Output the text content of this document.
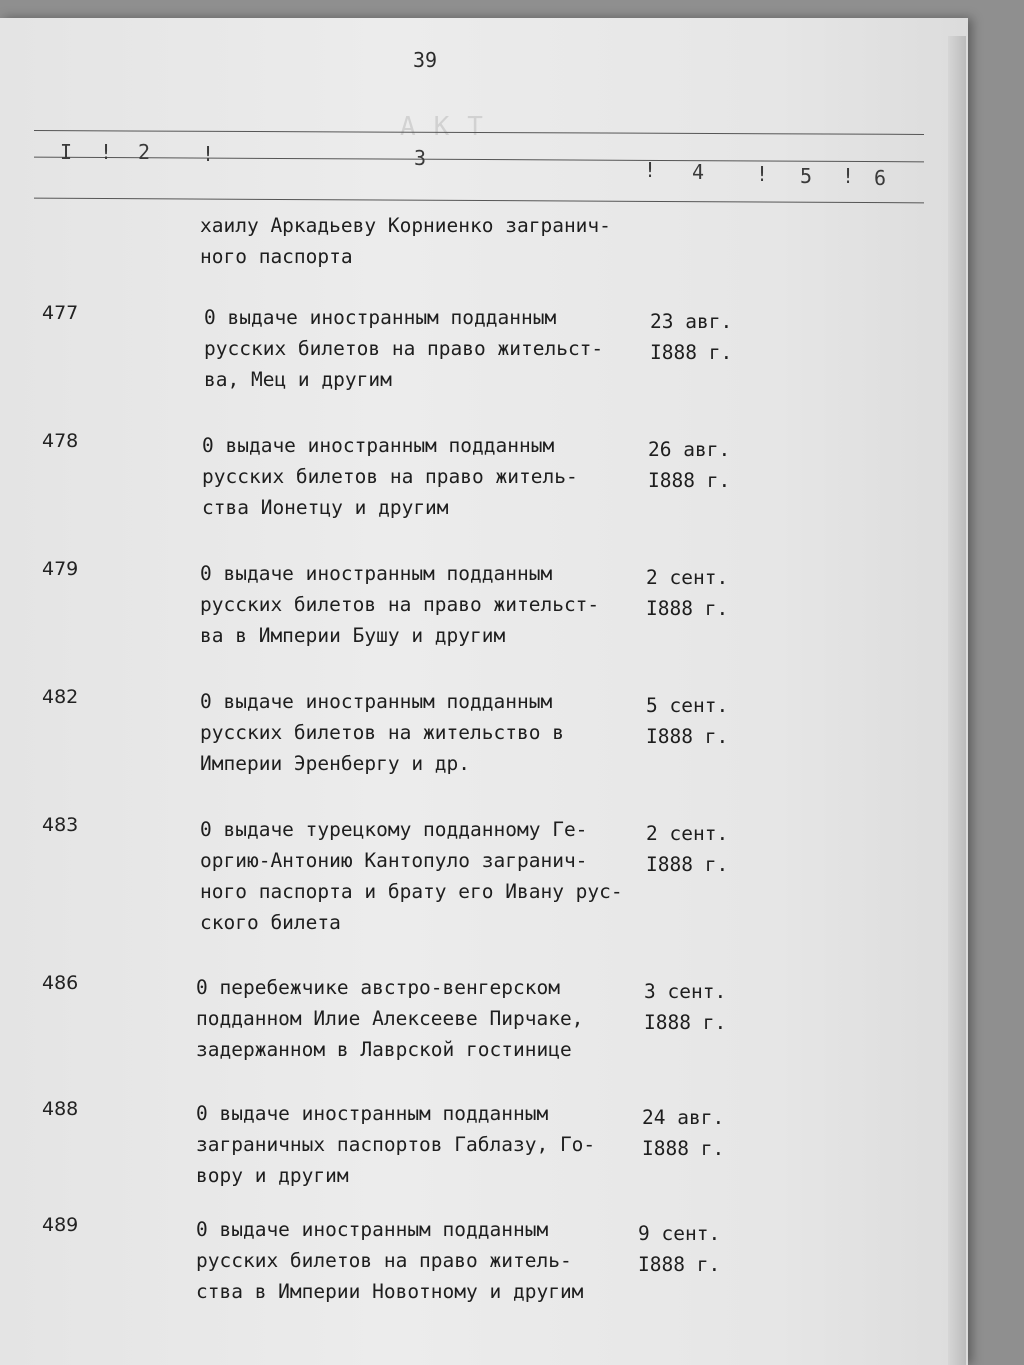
АКТ
39
I ! 2	!	3	! 4	! 5 ! 6
хаилу Аркадьеву Корниенко загранич-
ного паспорта
477	0 выдаче иностранным подданным
русских билетов на право жительст-
ва, Мец и другим
23 авг.
I888 г.
478	0 выдаче иностранным подданным
русских билетов на право житель-
ства Ионетцу и другим
26 авг.
I888 г.
479	0 выдаче иностранным подданным
русских билетов на право жительст-
ва в Империи Бушу и другим
2 сент.
I888 г.
482	0 выдаче иностранным подданным
русских билетов на жительство в
Империи Эренбергу и др.
5 сент.
I888 г.
483	0 выдаче турецкому подданному Ге-
оргию-Антонию Кантопуло загранич-
ного паспорта и брату его Ивану рус-
ского билета
2 сент.
I888 г.
486	0 перебежчике австро-венгерском
подданном Илие Алексееве Пирчаке,
задержанном в Лаврской гостинице
3 сент.
I888 г.
488	0 выдаче иностранным подданным
заграничных паспортов Габлазу, Го-
вору и другим
24 авг.
I888 г.
489	0 выдаче иностранным подданным
русских билетов на право житель-
ства в Империи Новотному и другим
9 сент.
I888 г.
